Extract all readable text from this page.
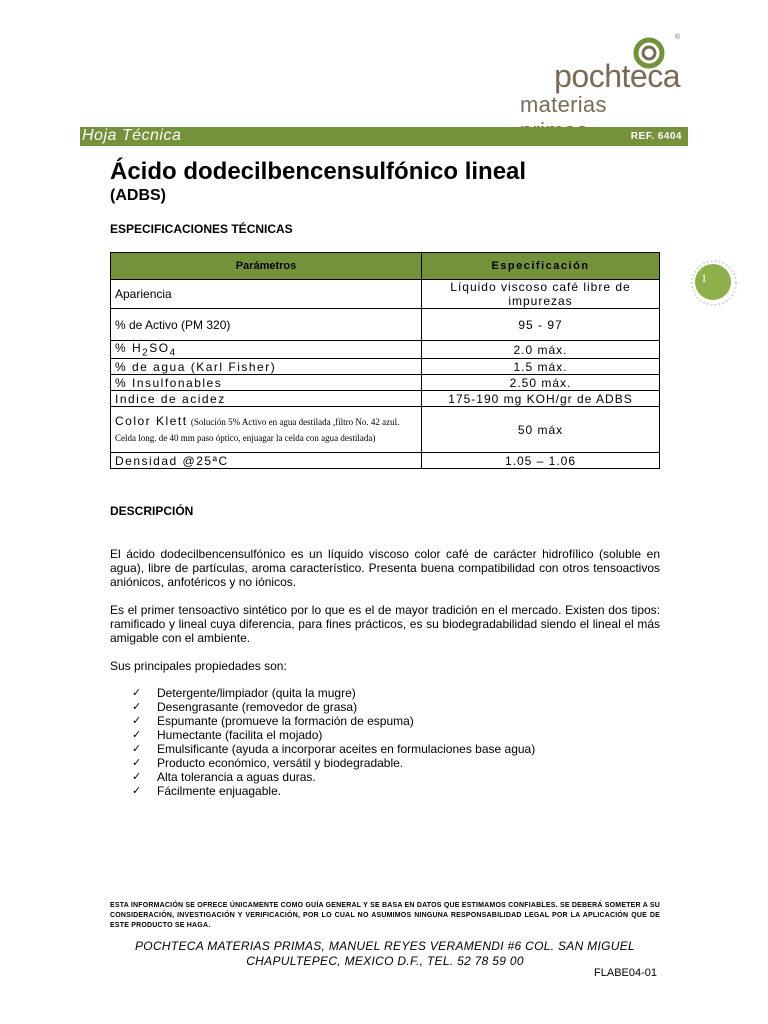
®
pochteca
materias
Hoja Técnica	REF. 6404
Ácido dodecilbencensulfónico lineal
(ADBS)
ESPECIFICACIONES TÉCNICAS
Parámetros	Especificación
Apariencia	Líquido viscoso café libre de impurezas
% de Activo (PM 320)	95 - 97
% $H_2SO_4$	2.0 máx.
% de agua (Karl Fisher)	1.5 máx.
% Insulfonables	2.50 máx.
Indice de acidez	175-190 mg KOH/gr de ADBS
Color Klett (Solución 5% Activo en agua destilada ,filtro No. 42 azul. Celda long. de 40 mm paso óptico, enjuagar la celda con agua destilada)	50 máx
Densidad @25ªC	1.05 – 1.06
1
DESCRIPCIÓN
El ácido dodecilbencensulfónico es un líquido viscoso color café de carácter hidrofílico (soluble en agua), libre de partículas, aroma característico. Presenta buena compatibilidad con otros tensoactivos aniónicos, anfotéricos y no iónicos.
Es el primer tensoactivo sintético por lo que es el de mayor tradición en el mercado. Existen dos tipos: ramificado y lineal cuya diferencia, para fines prácticos, es su biodegradabilidad siendo el lineal el más amigable con el ambiente.
Sus principales propiedades son:
✓ Detergente/limpiador (quita la mugre)
✓ Desengrasante (removedor de grasa)
✓ Espumante (promueve la formación de espuma)
✓ Humectante (facilita el mojado)
✓ Emulsificante (ayuda a incorporar aceites en formulaciones base agua)
✓ Producto económico, versátil y biodegradable.
✓ Alta tolerancia a aguas duras.
✓ Fácilmente enjuagable.
ESTA INFORMACIÓN SE OFRECE ÚNICAMENTE COMO GUÍA GENERAL Y SE BASA EN DATOS QUE ESTIMAMOS CONFIABLES. SE DEBERÁ SOMETER A SU CONSIDERACIÓN, INVESTIGACIÓN Y VERIFICACIÓN, POR LO CUAL NO ASUMIMOS NINGUNA RESPONSABILIDAD LEGAL POR LA APLICACIÓN QUE DE ESTE PRODUCTO SE HAGA.
POCHTECA MATERIAS PRIMAS, MANUEL REYES VERAMENDI #6 COL. SAN MIGUEL
CHAPULTEPEC, MEXICO D.F., TEL. 52 78 59 00
FLABE04-01
